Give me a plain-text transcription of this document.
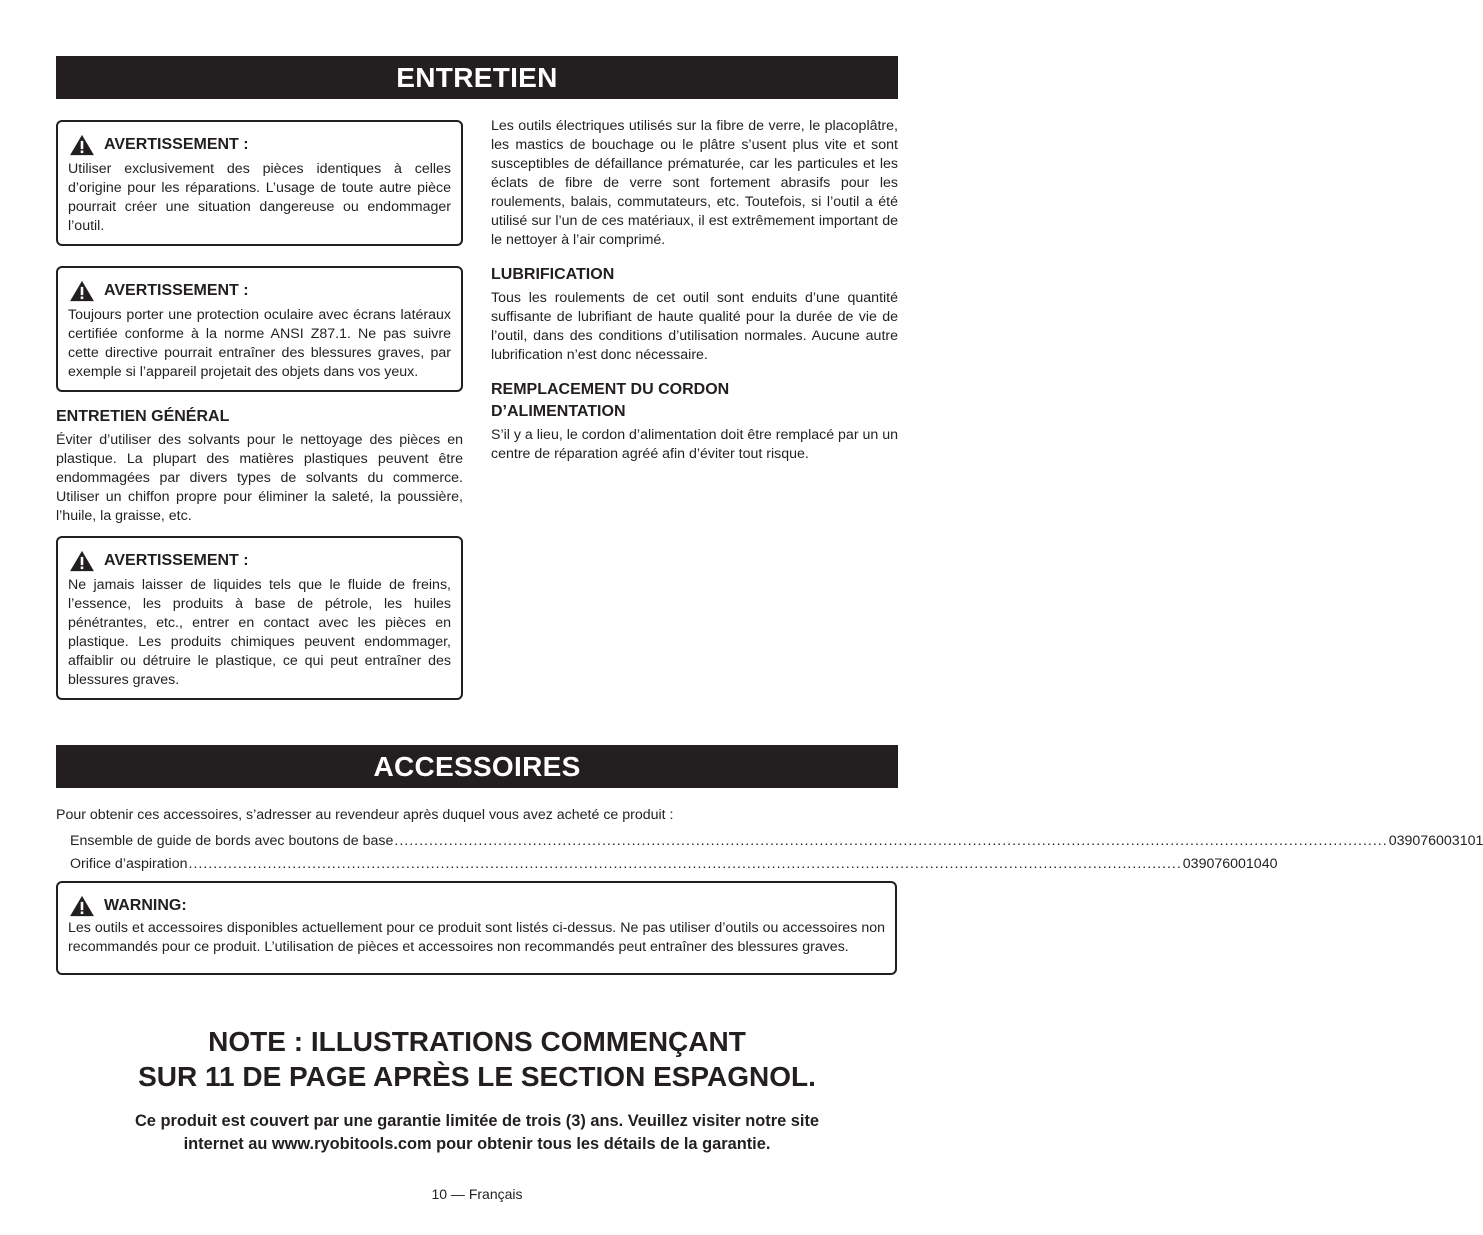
ENTRETIEN
AVERTISSEMENT :
Utiliser exclusivement des pièces identiques à celles d’origine pour les réparations. L’usage de toute autre pièce pourrait créer une situation dangereuse ou endommager l’outil.
AVERTISSEMENT :
Toujours porter une protection oculaire avec écrans latéraux certifiée conforme à la norme ANSI Z87.1. Ne pas suivre cette directive pourrait entraîner des blessures graves, par exemple si l’appareil projetait des objets dans vos yeux.
ENTRETIEN GÉNÉRAL
Éviter d’utiliser des solvants pour le nettoyage des pièces en plastique. La plupart des matières plastiques peuvent être endommagées par divers types de solvants du commerce. Utiliser un chiffon propre pour éliminer la saleté, la poussière, l’huile, la graisse, etc.
AVERTISSEMENT :
Ne jamais laisser de liquides tels que le fluide de freins, l’essence, les produits à base de pétrole, les huiles pénétrantes, etc., entrer en contact avec les pièces en plastique. Les produits chimiques peuvent endommager, affaiblir ou détruire le plastique, ce qui peut entraîner des blessures graves.
Les outils électriques utilisés sur la fibre de verre, le placoplâtre, les mastics de bouchage ou le plâtre s’usent plus vite et sont susceptibles de défaillance prématurée, car les particules et les éclats de fibre de verre sont fortement abrasifs pour les roulements, balais, commutateurs, etc. Toutefois, si l’outil a été utilisé sur l’un de ces matériaux, il est extrêmement important de le nettoyer à l’air comprimé.
LUBRIFICATION
Tous les roulements de cet outil sont enduits d’une quantité suffisante de lubrifiant de haute qualité pour la durée de vie de l’outil, dans des conditions d’utilisation normales. Aucune autre lubrification n’est donc nécessaire.
REMPLACEMENT DU CORDON
D’ALIMENTATION
S’il y a lieu, le cordon d’alimentation doit être remplacé par un un centre de réparation agréé afin d’éviter tout risque.
ACCESSOIRES
Pour obtenir ces accessoires, s’adresser au revendeur après duquel vous avez acheté ce produit :
Ensemble de guide de bords avec boutons de base ......................................................................................................................................................................................................... 039076003101
Orifice d’aspiration ......................................................................................................................................................................................................... 039076001040
WARNING:
Les outils et accessoires disponibles actuellement pour ce produit sont listés ci-dessus. Ne pas utiliser d’outils ou accessoires non recommandés pour ce produit. L’utilisation de pièces et accessoires non recommandés peut entraîner des blessures graves.
NOTE : ILLUSTRATIONS COMMENÇANT
SUR 11 DE PAGE APRÈS LE SECTION ESPAGNOL.
Ce produit est couvert par une garantie limitée de trois (3) ans. Veuillez visiter notre site
internet au www.ryobitools.com pour obtenir tous les détails de la garantie.
10 — Français
